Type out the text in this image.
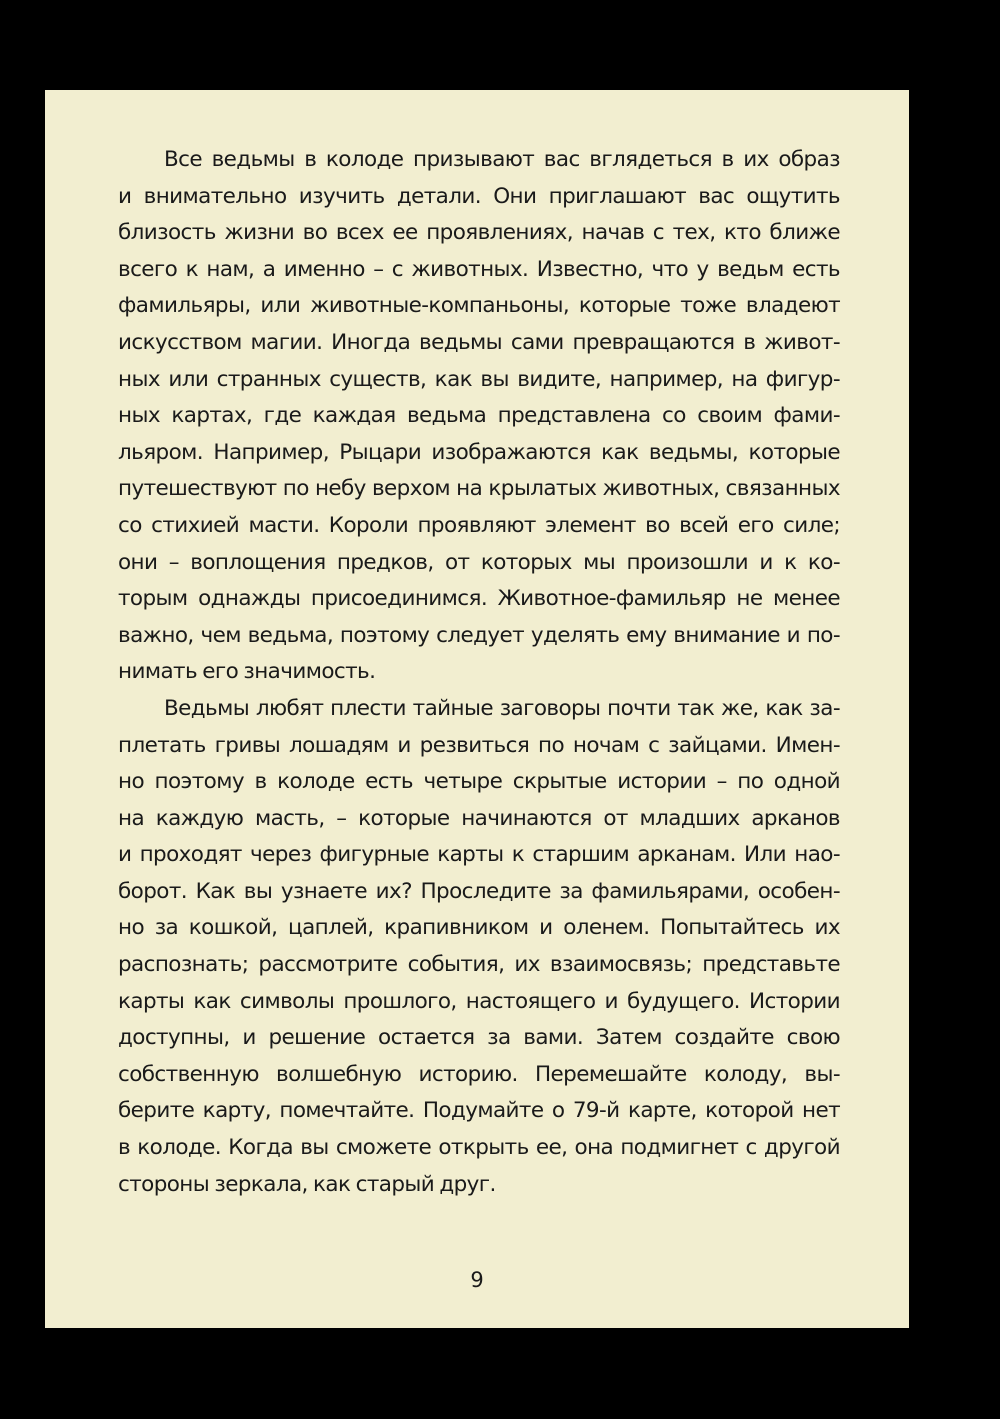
Все ведьмы в колоде призывают вас вглядеться в их образ
и внимательно изучить детали. Они приглашают вас ощутить
близость жизни во всех ее проявлениях, начав с тех, кто ближе
всего к нам, а именно – с животных. Известно, что у ведьм есть
фамильяры, или животные-компаньоны, которые тоже владеют
искусством магии. Иногда ведьмы сами превращаются в живот-
ных или странных существ, как вы видите, например, на фигур-
ных картах, где каждая ведьма представлена со своим фами-
льяром. Например, Рыцари изображаются как ведьмы, которые
путешествуют по небу верхом на крылатых животных, связанных
со стихией масти. Короли проявляют элемент во всей его силе;
они – воплощения предков, от которых мы произошли и к ко-
торым однажды присоединимся. Животное-фамильяр не менее
важно, чем ведьма, поэтому следует уделять ему внимание и по-
нимать его значимость.
Ведьмы любят плести тайные заговоры почти так же, как за-
плетать гривы лошадям и резвиться по ночам с зайцами. Имен-
но поэтому в колоде есть четыре скрытые истории – по одной
на каждую масть, – которые начинаются от младших арканов
и проходят через фигурные карты к старшим арканам. Или нао-
борот. Как вы узнаете их? Проследите за фамильярами, особен-
но за кошкой, цаплей, крапивником и оленем. Попытайтесь их
распознать; рассмотрите события, их взаимосвязь; представьте
карты как символы прошлого, настоящего и будущего. Истории
доступны, и решение остается за вами. Затем создайте свою
собственную волшебную историю. Перемешайте колоду, вы-
берите карту, помечтайте. Подумайте о 79-й карте, которой нет
в колоде. Когда вы сможете открыть ее, она подмигнет с другой
стороны зеркала, как старый друг.
9
